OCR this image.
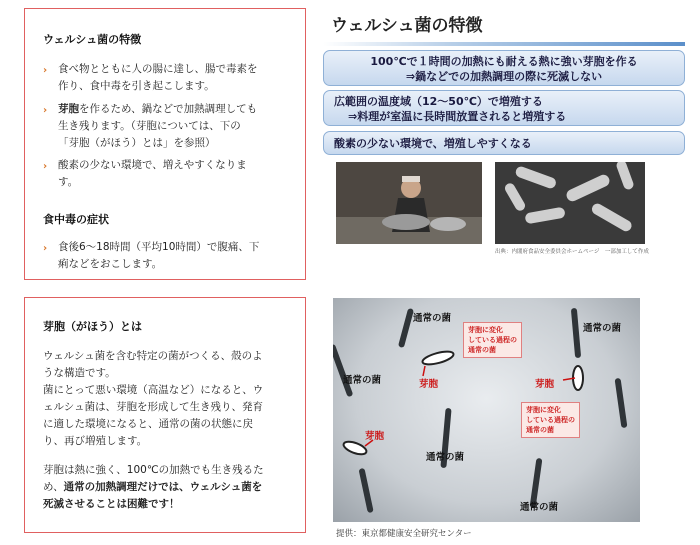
ウェルシュ菌の特徴
› 食べ物とともに人の腸に達し、腸で毒素を
作り、食中毒を引き起こします。
› 芽胞を作るため、鍋などで加熱調理しても
生き残ります。（芽胞については、下の
「芽胞（がほう）とは」を参照）
› 酸素の少ない環境で、増えやすくなりま
す。
食中毒の症状
› 食後6～18時間（平均10時間）で腹痛、下
痢などをおこします。
芽胞（がほう）とは
ウェルシュ菌を含む特定の菌がつくる、殻のよ
うな構造です。
菌にとって悪い環境（高温など）になると、ウ
ェルシュ菌は、芽胞を形成して生き残り、発育
に適した環境になると、通常の菌の状態に戻
り、再び増殖します。
芽胞は熱に強く、100℃の加熱でも生き残るた
め、通常の加熱調理だけでは、ウェルシュ菌を
死滅させることは困難です！
ウェルシュ菌の特徴
100℃で１時間の加熱にも耐える熱に強い芽胞を作る
⇒鍋などでの加熱調理の際に死滅しない
広範囲の温度域（12～50℃）で増殖する
⇒料理が室温に長時間放置されると増殖する
酸素の少ない環境で、増殖しやすくなる
出典：内閣府食品安全委員会ホームページ　一部加工して作成
通常の菌
通常の菌
通常の菌
通常の菌
通常の菌
芽胞	芽胞
芽胞
芽胞に変化
している過程の
通常の菌
芽胞に変化
している過程の
通常の菌
提供：東京都健康安全研究センター
